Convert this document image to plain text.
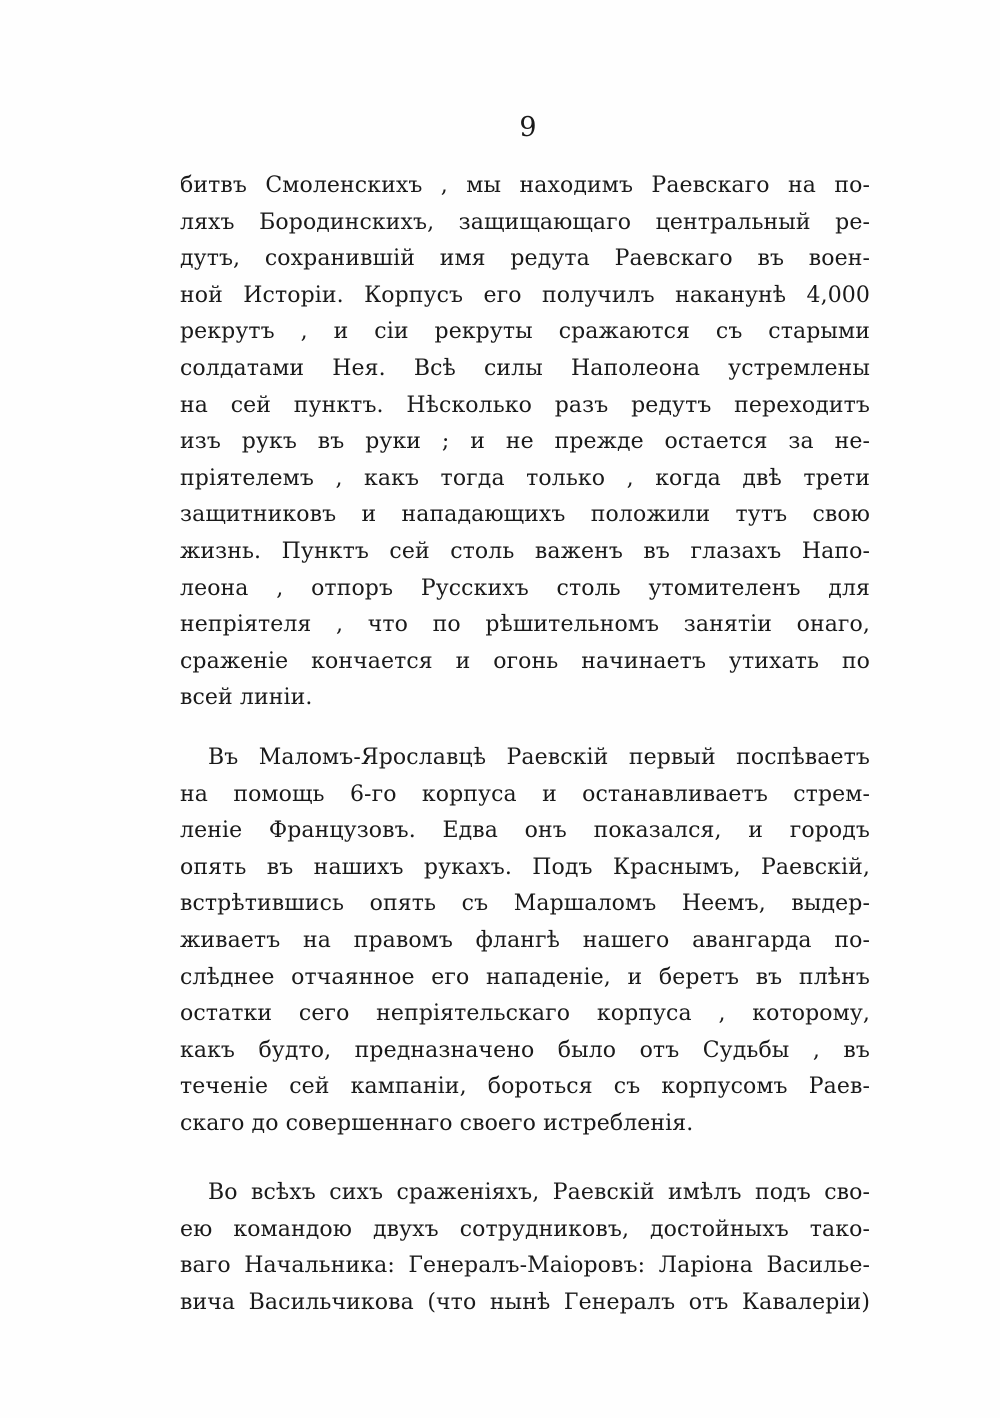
9
битвъ Смоленскихъ , мы находимъ Раевскаго на по-
ляхъ Бородинскихъ, защищающаго центральный ре-
дутъ, сохранившій имя редута Раевскаго въ воен-
ной Исторіи. Корпусъ его получилъ наканунѣ 4,000
рекрутъ , и сіи рекруты сражаются съ старыми
солдатами Нея. Всѣ силы Наполеона устремлены
на сей пунктъ. Нѣсколько разъ редутъ переходитъ
изъ рукъ въ руки ; и не прежде остается за не-
пріятелемъ , какъ тогда только , когда двѣ трети
защитниковъ и нападающихъ положили тутъ свою
жизнь. Пунктъ сей столь важенъ въ глазахъ Напо-
леона , отпоръ Русскихъ столь утомителенъ для
непріятеля , что по рѣшительномъ занятіи онаго,
сраженіе кончается и огонь начинаетъ утихать по
всей линіи.
Въ Маломъ-Ярославцѣ Раевскій первый поспѣваетъ
на помощь 6-го корпуса и останавливаетъ стрем-
леніе Французовъ. Едва онъ показался, и городъ
опять въ нашихъ рукахъ. Подъ Краснымъ, Раевскій,
встрѣтившись опять съ Маршаломъ Неемъ, выдер-
живаетъ на правомъ флангѣ нашего авангарда по-
слѣднее отчаянное его нападеніе, и беретъ въ плѣнъ
остатки сего непріятельскаго корпуса , которому,
какъ будто, предназначено было отъ Судьбы , въ
теченіе сей кампаніи, бороться съ корпусомъ Раев-
скаго до совершеннаго своего истребленія.
Во всѣхъ сихъ сраженіяхъ, Раевскій имѣлъ подъ сво-
ею командою двухъ сотрудниковъ, достойныхъ тако-
ваго Начальника: Генералъ-Маіоровъ: Ларіона Василье-
вича Васильчикова (что нынѣ Генералъ отъ Кавалеріи)
